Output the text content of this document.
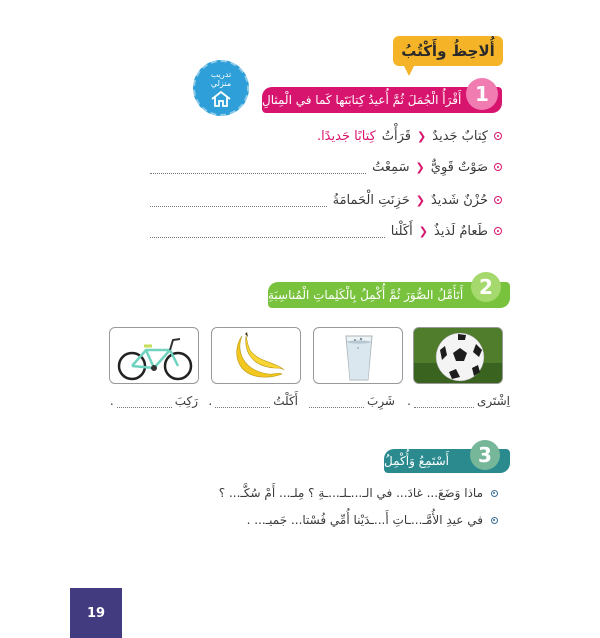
أُلاحِظُ وأَكْتُبُ
تدريب
منزلي
أَقْرَأُ الْجُمَلَ ثُمَّ أُعيدُ كِتابَتَها كَما في الْمِثالِ 1
كِتابٌ جَديدٌ
❮
قَرَأْتُ
كِتابًا جَديدًا.
صَوْتٌ قَوِيٌّ
❮
سَمِعْتُ
حُزْنٌ شَديدٌ
❮
حَزِنَتِ الْحَمامَةُ
طَعامٌ لَذيذٌ
❮
أَكَلْنا
أَتَأَمَّلُ الصُّوَرَ ثُمَّ أُكْمِلُ بِالْكَلِماتِ الْمُناسِبَةِ 2
اِشْتَرى
.
شَرِبَ
أَكَلْتُ
.
رَكِبَ
.
أَسْتَمِعُ وَأُكْمِلُ	3
ماذا وَضَعَ... غادَ... في الـ...ـلـ...ـةِ ؟ مِلـ... أَمْ سُكَّـ... ؟
في عيدِ الأُمَّـ...ـاتِ أَ...ـدَيْنا أُمِّي فُسْتا... جَميـ... .
19
